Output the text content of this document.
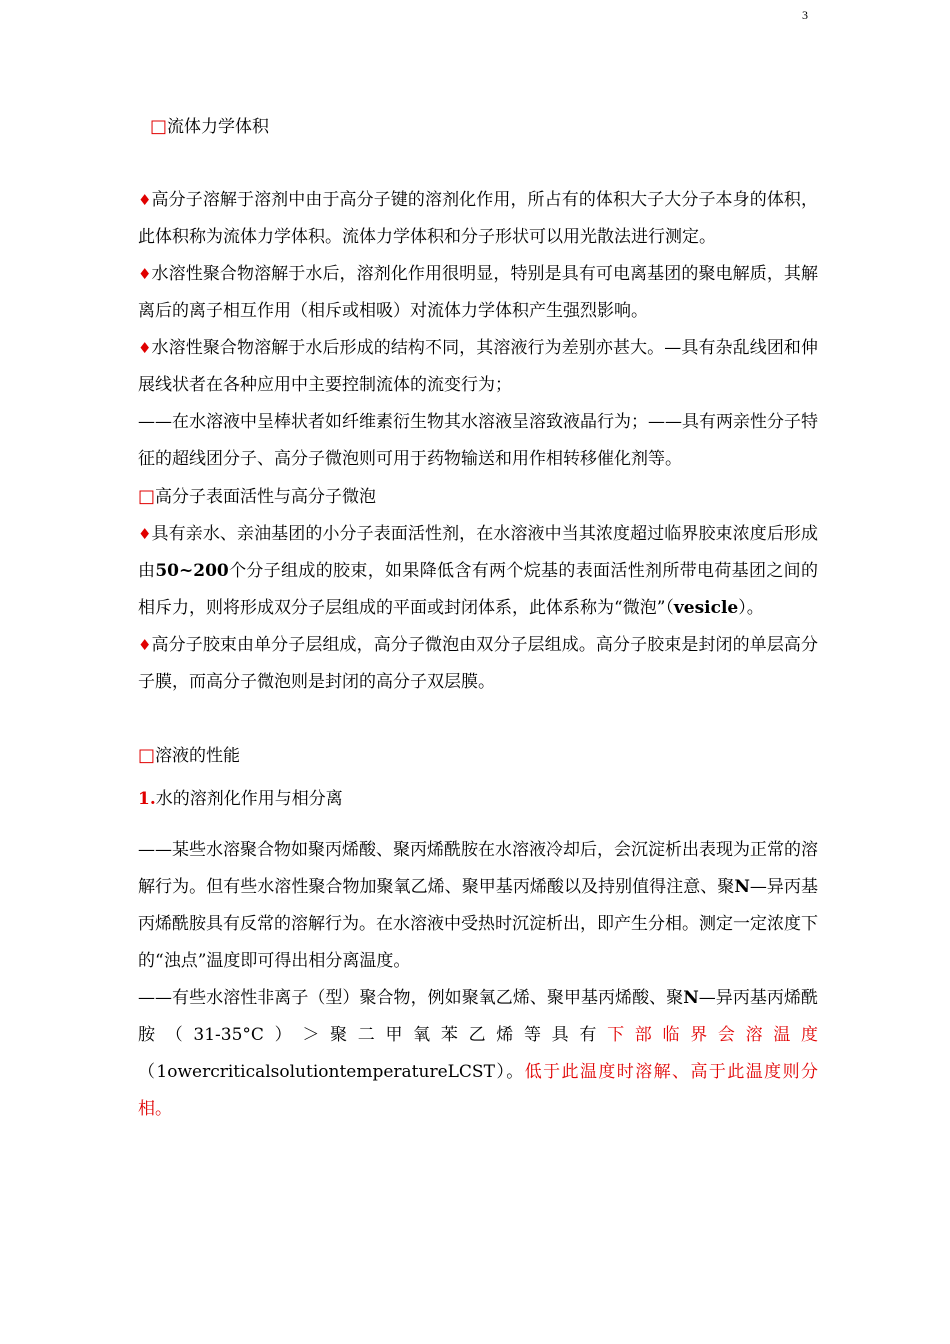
3

□流体力学体积

♦高分子溶解于溶剂中由于高分子键的溶剂化作用，所占有的体积大子大分子本身的体积，此体积称为流体力学体积。流体力学体积和分子形状可以用光散法进行测定。

♦水溶性聚合物溶解于水后，溶剂化作用很明显，特别是具有可电离基团的聚电解质，其解离后的离子相互作用（相斥或相吸）对流体力学体积产生强烈影响。

♦水溶性聚合物溶解于水后形成的结构不同，其溶液行为差别亦甚大。—具有杂乱线团和伸展线状者在各种应用中主要控制流体的流变行为；

——在水溶液中呈棒状者如纤维素衍生物其水溶液呈溶致液晶行为；——具有两亲性分子特征的超线团分子、高分子微泡则可用于药物输送和用作相转移催化剂等。

□高分子表面活性与高分子微泡

♦具有亲水、亲油基团的小分子表面活性剂，在水溶液中当其浓度超过临界胶束浓度后形成由50~200个分子组成的胶束，如果降低含有两个烷基的表面活性剂所带电荷基团之间的相斥力，则将形成双分子层组成的平面或封闭体系，此体系称为“微泡”（vesicle）。

♦高分子胶束由单分子层组成，高分子微泡由双分子层组成。高分子胶束是封闭的单层高分子膜，而高分子微泡则是封闭的高分子双层膜。

□溶液的性能

1.水的溶剂化作用与相分离

——某些水溶聚合物如聚丙烯酸、聚丙烯酰胺在水溶液冷却后，会沉淀析出表现为正常的溶解行为。但有些水溶性聚合物加聚氧乙烯、聚甲基丙烯酸以及持别值得注意、聚N—异丙基丙烯酰胺具有反常的溶解行为。在水溶液中受热时沉淀析出，即产生分相。测定一定浓度下的“浊点”温度即可得出相分离温度。

——有些水溶性非离子（型）聚合物，例如聚氧乙烯、聚甲基丙烯酸、聚N—异丙基丙烯酰胺（31-35°C）＞聚二甲氧苯乙烯等具有下部临界会溶温度（1owercriticalsolutiontemperatureLCST）。低于此温度时溶解、高于此温度则分相。
